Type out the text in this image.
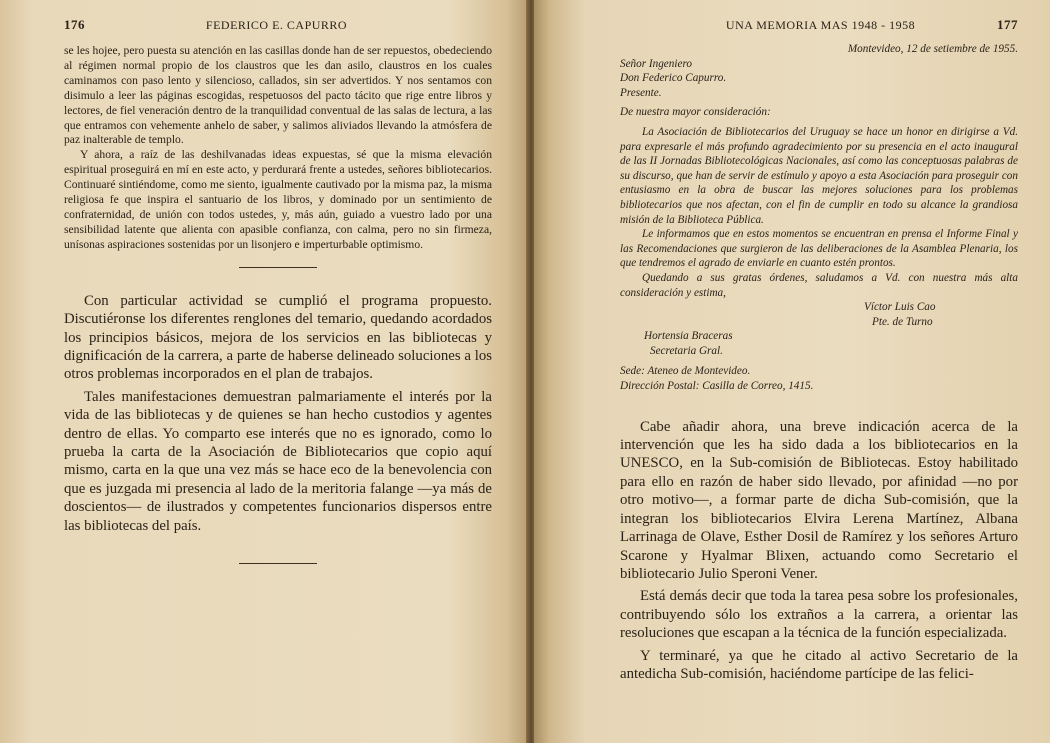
176	FEDERICO E. CAPURRO

se les hojee, pero puesta su atención en las casillas donde han de ser repuestos, obedeciendo al régimen normal propio de los claustros que les dan asilo, claustros en los cuales caminamos con paso lento y silencioso, callados, sin ser advertidos. Y nos sentamos con disimulo a leer las páginas escogidas, respetuosos del pacto tácito que rige entre libros y lectores, de fiel veneración dentro de la tranquilidad conventual de las salas de lectura, a las que entramos con vehemente anhelo de saber, y salimos aliviados llevando la atmósfera de paz inalterable de templo.

Y ahora, a raíz de las deshilvanadas ideas expuestas, sé que la misma elevación espiritual proseguirá en mí en este acto, y perdurará frente a ustedes, señores bibliotecarios. Continuaré sintiéndome, como me siento, igualmente cautivado por la misma paz, la misma religiosa fe que inspira el santuario de los libros, y dominado por un sentimiento de confraternidad, de unión con todos ustedes, y, más aún, guiado a vuestro lado por una sensibilidad latente que alienta con apasible confianza, con calma, pero no sin firmeza, unísonas aspiraciones sostenidas por un lisonjero e imperturbable optimismo.

Con particular actividad se cumplió el programa propuesto. Discutiéronse los diferentes renglones del temario, quedando acordados los principios básicos, mejora de los servicios en las bibliotecas y dignificación de la carrera, a parte de haberse delineado soluciones a los otros problemas incorporados en el plan de trabajos.

Tales manifestaciones demuestran palmariamente el interés por la vida de las bibliotecas y de quienes se han hecho custodios y agentes dentro de ellas. Yo comparto ese interés que no es ignorado, como lo prueba la carta de la Asociación de Bibliotecarios que copio aquí mismo, carta en la que una vez más se hace eco de la benevolencia con que es juzgada mi presencia al lado de la meritoria falange —ya más de doscientos— de ilustrados y competentes funcionarios dispersos entre las bibliotecas del país.

UNA MEMORIA MAS 1948 - 1958	177

Montevideo, 12 de setiembre de 1955.

Señor Ingeniero

Don Federico Capurro.

Presente.

De nuestra mayor consideración:

La Asociación de Bibliotecarios del Uruguay se hace un honor en dirigirse a Vd. para expresarle el más profundo agradecimiento por su presencia en el acto inaugural de las II Jornadas Bibliotecológicas Nacionales, así como las conceptuosas palabras de su discurso, que han de servir de estímulo y apoyo a esta Asociación para proseguir con entusiasmo en la obra de buscar las mejores soluciones para los problemas bibliotecarios que nos afectan, con el fin de cumplir en todo su alcance la grandiosa misión de la Biblioteca Pública.

Le informamos que en estos momentos se encuentran en prensa el Informe Final y las Recomendaciones que surgieron de las deliberaciones de la Asamblea Plenaria, los que tendremos el agrado de enviarle en cuanto estén prontos.

Quedando a sus gratas órdenes, saludamos a Vd. con nuestra más alta consideración y estima,

Víctor Luis Cao

Pte. de Turno

Hortensia Braceras

Secretaria Gral.

Sede: Ateneo de Montevideo.

Dirección Postal: Casilla de Correo, 1415.

Cabe añadir ahora, una breve indicación acerca de la intervención que les ha sido dada a los bibliotecarios en la UNESCO, en la Sub-comisión de Bibliotecas. Estoy habilitado para ello en razón de haber sido llevado, por afinidad —no por otro motivo—, a formar parte de dicha Sub-comisión, que la integran los bibliotecarios Elvira Lerena Martínez, Albana Larrinaga de Olave, Esther Dosil de Ramírez y los señores Arturo Scarone y Hyalmar Blixen, actuando como Secretario el bibliotecario Julio Speroni Vener.

Está demás decir que toda la tarea pesa sobre los profesionales, contribuyendo sólo los extraños a la carrera, a orientar las resoluciones que escapan a la técnica de la función especializada.

Y terminaré, ya que he citado al activo Secretario de la antedicha Sub-comisión, haciéndome partícipe de las felici-
